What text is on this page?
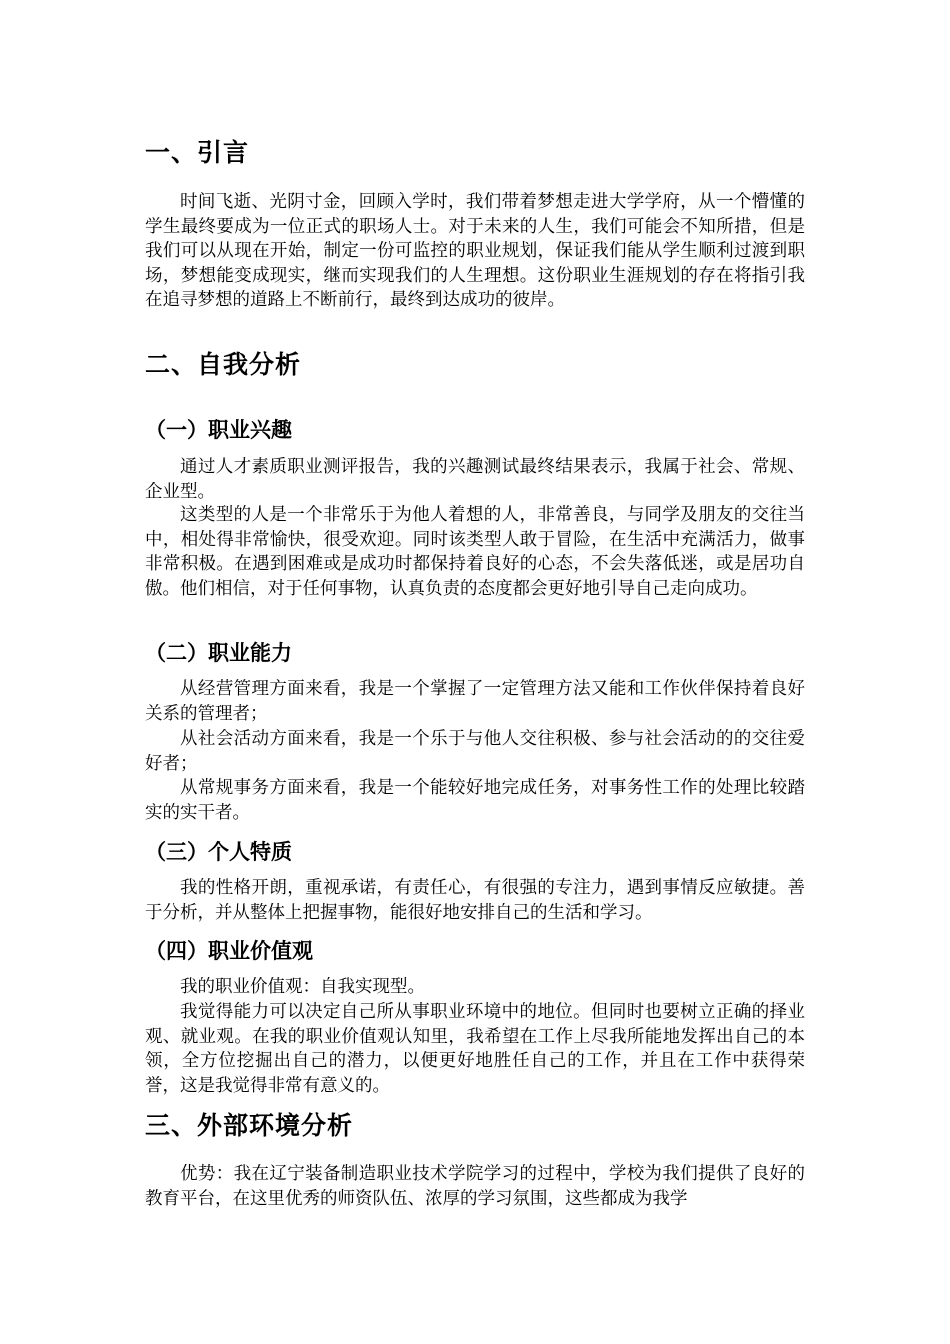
一、引言

时间飞逝、光阴寸金，回顾入学时，我们带着梦想走进大学学府，从一个懵懂的学生最终要成为一位正式的职场人士。对于未来的人生，我们可能会不知所措，但是我们可以从现在开始，制定一份可监控的职业规划，保证我们能从学生顺利过渡到职场，梦想能变成现实，继而实现我们的人生理想。这份职业生涯规划的存在将指引我在追寻梦想的道路上不断前行，最终到达成功的彼岸。

二、自我分析
（一）职业兴趣

通过人才素质职业测评报告，我的兴趣测试最终结果表示，我属于社会、常规、企业型。

这类型的人是一个非常乐于为他人着想的人，非常善良，与同学及朋友的交往当中，相处得非常愉快，很受欢迎。同时该类型人敢于冒险，在生活中充满活力，做事非常积极。在遇到困难或是成功时都保持着良好的心态，不会失落低迷，或是居功自傲。他们相信，对于任何事物，认真负责的态度都会更好地引导自己走向成功。

（二）职业能力

从经营管理方面来看，我是一个掌握了一定管理方法又能和工作伙伴保持着良好关系的管理者；

从社会活动方面来看，我是一个乐于与他人交往积极、参与社会活动的的交往爱好者；

从常规事务方面来看，我是一个能较好地完成任务，对事务性工作的处理比较踏实的实干者。

（三）个人特质

我的性格开朗，重视承诺，有责任心，有很强的专注力，遇到事情反应敏捷。善于分析，并从整体上把握事物，能很好地安排自己的生活和学习。

（四）职业价值观

我的职业价值观：自我实现型。

我觉得能力可以决定自己所从事职业环境中的地位。但同时也要树立正确的择业观、就业观。在我的职业价值观认知里，我希望在工作上尽我所能地发挥出自己的本领，全方位挖掘出自己的潜力，以便更好地胜任自己的工作，并且在工作中获得荣誉，这是我觉得非常有意义的。

三、外部环境分析

优势：我在辽宁装备制造职业技术学院学习的过程中，学校为我们提供了良好的教育平台，在这里优秀的师资队伍、浓厚的学习氛围，这些都成为我学
